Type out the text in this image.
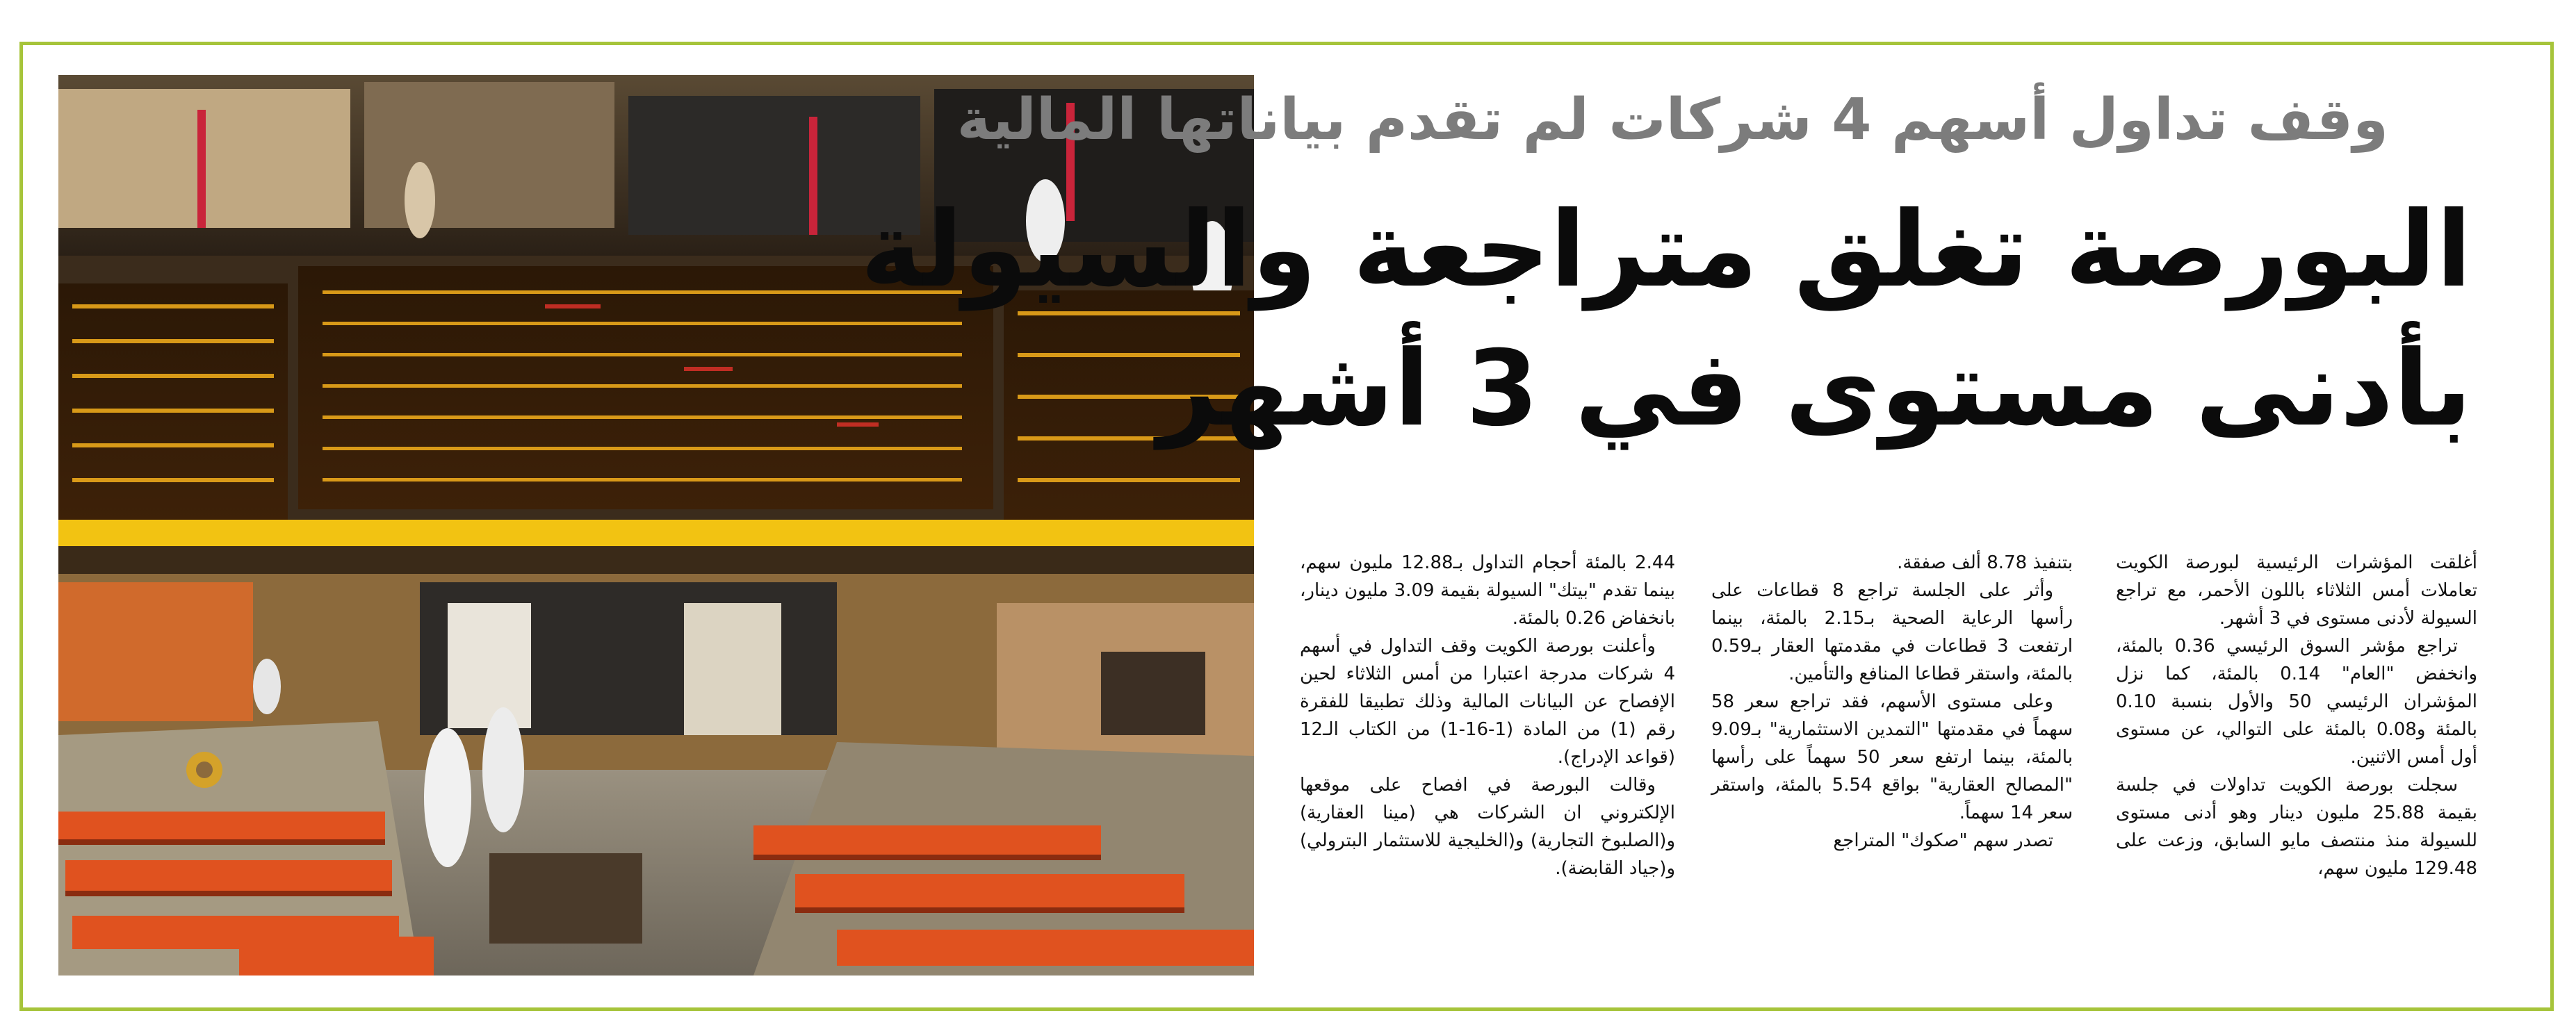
وقف تداول أسهم 4 شركات لم تقدم بياناتها المالية
البورصة تغلق متراجعة والسيولة
بأدنى مستوى في 3 أشهر

أغلقت المؤشرات الرئيسية لبورصة الكويت تعاملات أمس الثلاثاء باللون الأحمر، مع تراجع السيولة لأدنى مستوى في 3 أشهر.

تراجع مؤشر السوق الرئيسي 0.36 بالمئة، وانخفض "العام" 0.14 بالمئة، كما نزل المؤشران الرئيسي 50 والأول بنسبة 0.10 بالمئة و0.08 بالمئة على التوالي، عن مستوى أول أمس الاثنين.

سجلت بورصة الكويت تداولات في جلسة بقيمة 25.88 مليون دينار وهو أدنى مستوى للسيولة منذ منتصف مايو السابق، وزعت على 129.48 مليون سهم،

بتنفيذ 8.78 ألف صفقة.

وأثر على الجلسة تراجع 8 قطاعات على رأسها الرعاية الصحية بـ2.15 بالمئة، بينما ارتفعت 3 قطاعات في مقدمتها العقار بـ0.59 بالمئة، واستقر قطاعا المنافع والتأمين.

وعلى مستوى الأسهم، فقد تراجع سعر 58 سهماً في مقدمتها "التمدين الاستثمارية" بـ9.09 بالمئة، بينما ارتفع سعر 50 سهماً على رأسها "المصالح العقارية" بواقع 5.54 بالمئة، واستقر سعر 14 سهماً.

تصدر سهم "صكوك" المتراجع

2.44 بالمئة أحجام التداول بـ12.88 مليون سهم، بينما تقدم "بيتك" السيولة بقيمة 3.09 مليون دينار، بانخفاض 0.26 بالمئة.

وأعلنت بورصة الكويت وقف التداول في أسهم 4 شركات مدرجة اعتبارا من أمس الثلاثاء لحين الإفصاح عن البيانات المالية وذلك تطبيقا للفقرة رقم (1) من المادة (1-16-1) من الكتاب الـ12 (قواعد الإدراج).

وقالت البورصة في افصاح على موقعها الإلكتروني ان الشركات هي (مينا العقارية) و(الصلبوخ التجارية) و(الخليجية للاستثمار البترولي) و(جياد القابضة).
